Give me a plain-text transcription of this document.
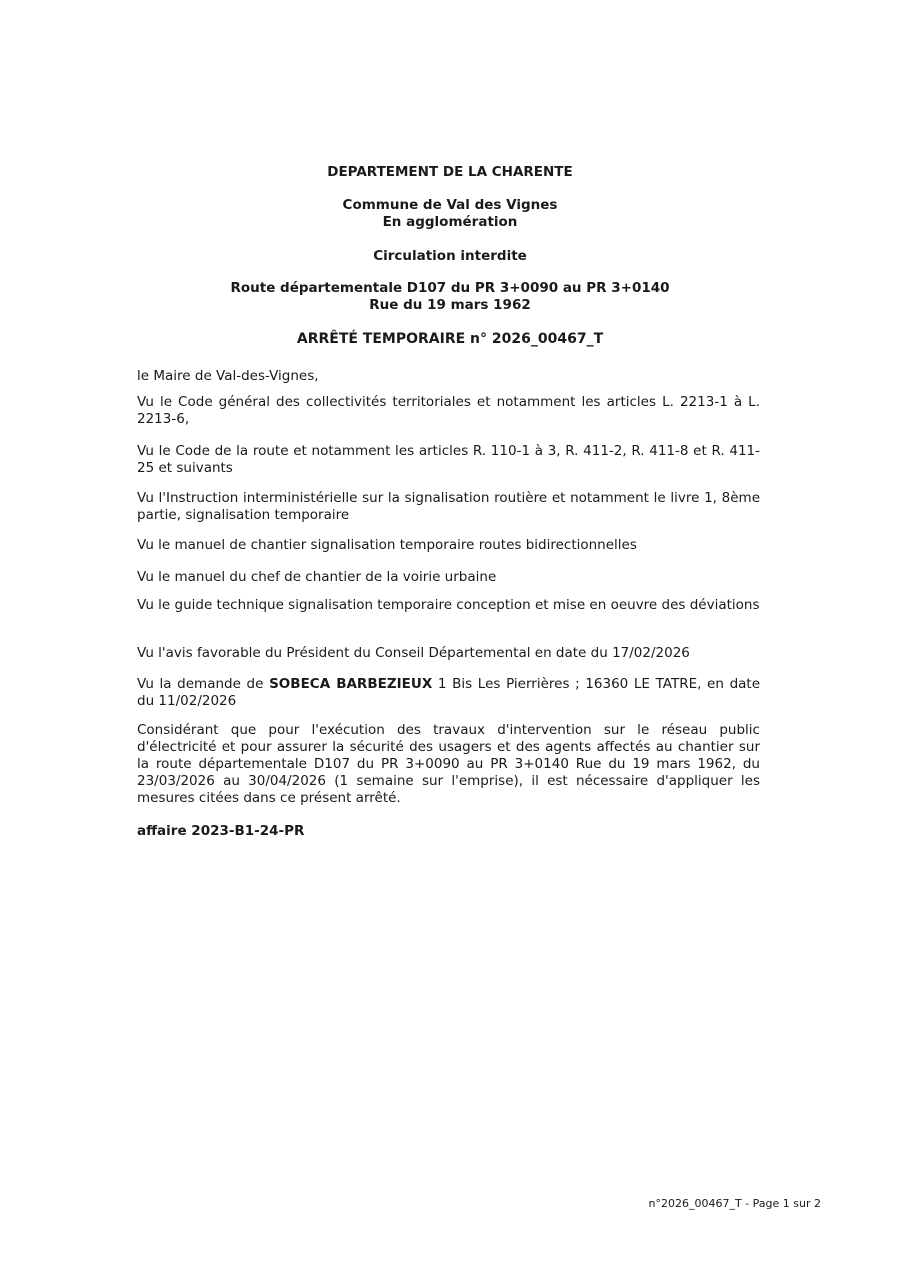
DEPARTEMENT DE LA CHARENTE

Commune de Val des Vignes

En agglomération

Circulation interdite

Route départementale D107 du PR 3+0090 au PR 3+0140

Rue du 19 mars 1962

ARRÊTÉ TEMPORAIRE n° 2026_00467_T

le Maire de Val-des-Vignes,

Vu le Code général des collectivités territoriales et notamment les articles L. 2213-1 à L. 2213-6,

Vu le Code de la route et notamment les articles R. 110-1 à 3, R. 411-2, R. 411-8 et R. 411-25 et suivants

Vu l'Instruction interministérielle sur la signalisation routière et notamment le livre 1, 8ème partie, signalisation temporaire

Vu le manuel de chantier signalisation temporaire routes bidirectionnelles

Vu le manuel du chef de chantier de la voirie urbaine

Vu le guide technique signalisation temporaire conception et mise en oeuvre des déviations

Vu l'avis favorable du Président du Conseil Départemental en date du 17/02/2026

Vu la demande de SOBECA BARBEZIEUX 1 Bis Les Pierrières ; 16360 LE TATRE, en date du 11/02/2026

Considérant que pour l'exécution des travaux d'intervention sur le réseau public d'électricité et pour assurer la sécurité des usagers et des agents affectés au chantier sur la route départementale D107 du PR 3+0090 au PR 3+0140 Rue du 19 mars 1962, du 23/03/2026 au 30/04/2026 (1 semaine sur l'emprise), il est nécessaire d'appliquer les mesures citées dans ce présent arrêté.

affaire 2023-B1-24-PR

n°2026_00467_T - Page 1 sur 2
